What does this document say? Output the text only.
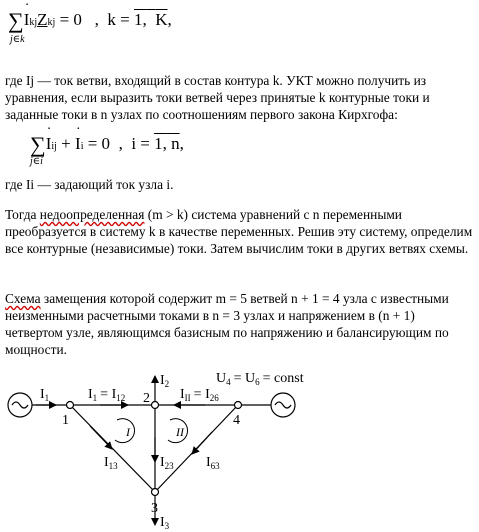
∑· IkjZkj = 0 , k = 1, K,
j∈k

где Ij — ток ветви, входящий в состав контура k. УКТ можно получить из уравнения, если выразить токи ветвей через принятые k контурные токи и заданные токи в n узлах по соотношениям первого закона Кирхгофа:

∑· Iij + · Ii = 0 , i = 1, n,
j∈i

где Ii — задающий ток узла i.

Тогда недоопределенная (m > k) система уравнений с n переменными преобразуется в систему k в качестве переменных. Решив эту систему, определим все контурные (независимые) токи. Затем вычислим токи в других ветвях схемы.

Схема замещения которой содержит m = 5 ветвей n + 1 = 4 узла с известными неизменными расчетными токами в n = 3 узлах и напряжением в (n + 1) четвертом узле, являющимся базисным по напряжению и балансирующим по мощности.

$I_1$	$I_1 = I_{12}$
$I_2$
$I_{II} = I_{26}$
$U_4 = U_6$ = const
1
2
4
3
I	II
$I_{13}$	$I_{23}$ $I_{63}$
$I_3$
